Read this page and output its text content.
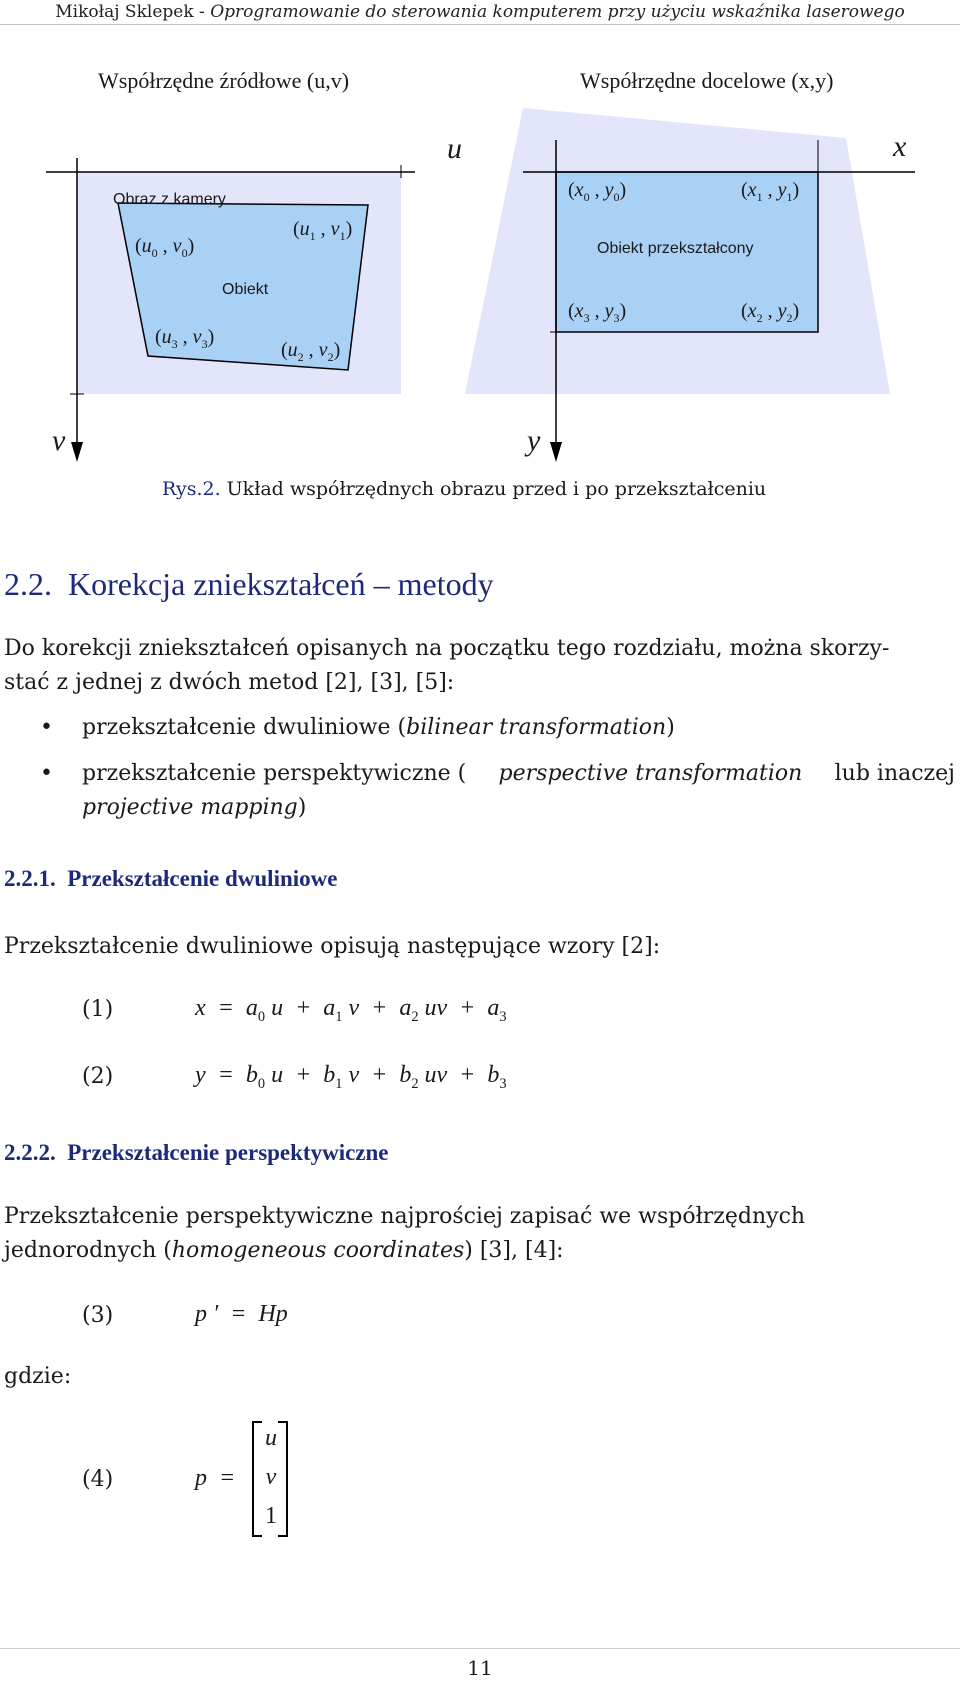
Mikołaj Sklepek - Oprogramowanie do sterowania komputerem przy użyciu wskaźnika laserowego
Współrzędne źródłowe (u,v)	Współrzędne docelowe (x,y)
u	x
v	y
Obraz z kamery
Obiekt
($u_0$ , $v_0$)
($u_1$ , $v_1$)
($u_2$ , $v_2$)
($u_3$ , $v_3$)
($x_0$ , $y_0$)	($x_1$ , $y_1$)
Obiekt przekształcony
($x_3$ , $y_3$)	($x_2$ , $y_2$)
Rys.2. Układ współrzędnych obrazu przed i po przekształceniu
2.2. Korekcja zniekształceń – metody
Do korekcji zniekształceń opisanych na początku tego rozdziału, można skorzy-
stać z jednej z dwóch metod [2], [3], [5]:
• przekształcenie dwuliniowe (bilinear transformation)
• przekształcenie perspektywiczne ( perspective transformation lub inaczej
projective mapping)
2.2.1. Przekształcenie dwuliniowe
Przekształcenie dwuliniowe opisują następujące wzory [2]:
(1)	$x = a_0$ $u + a_1$ $v + a_2$ uv  +  $a_3$
(2)	$y = b_0$ $u + b_1$ $v + b_2$ uv  +  $b_3$
2.2.2. Przekształcenie perspektywiczne
Przekształcenie perspektywiczne najprościej zapisać we współrzędnych
jednorodnych (homogeneous coordinates) [3], [4]:
(3)	p ′  =  Hp
gdzie:
(4)	p  =
u
v
1
11
